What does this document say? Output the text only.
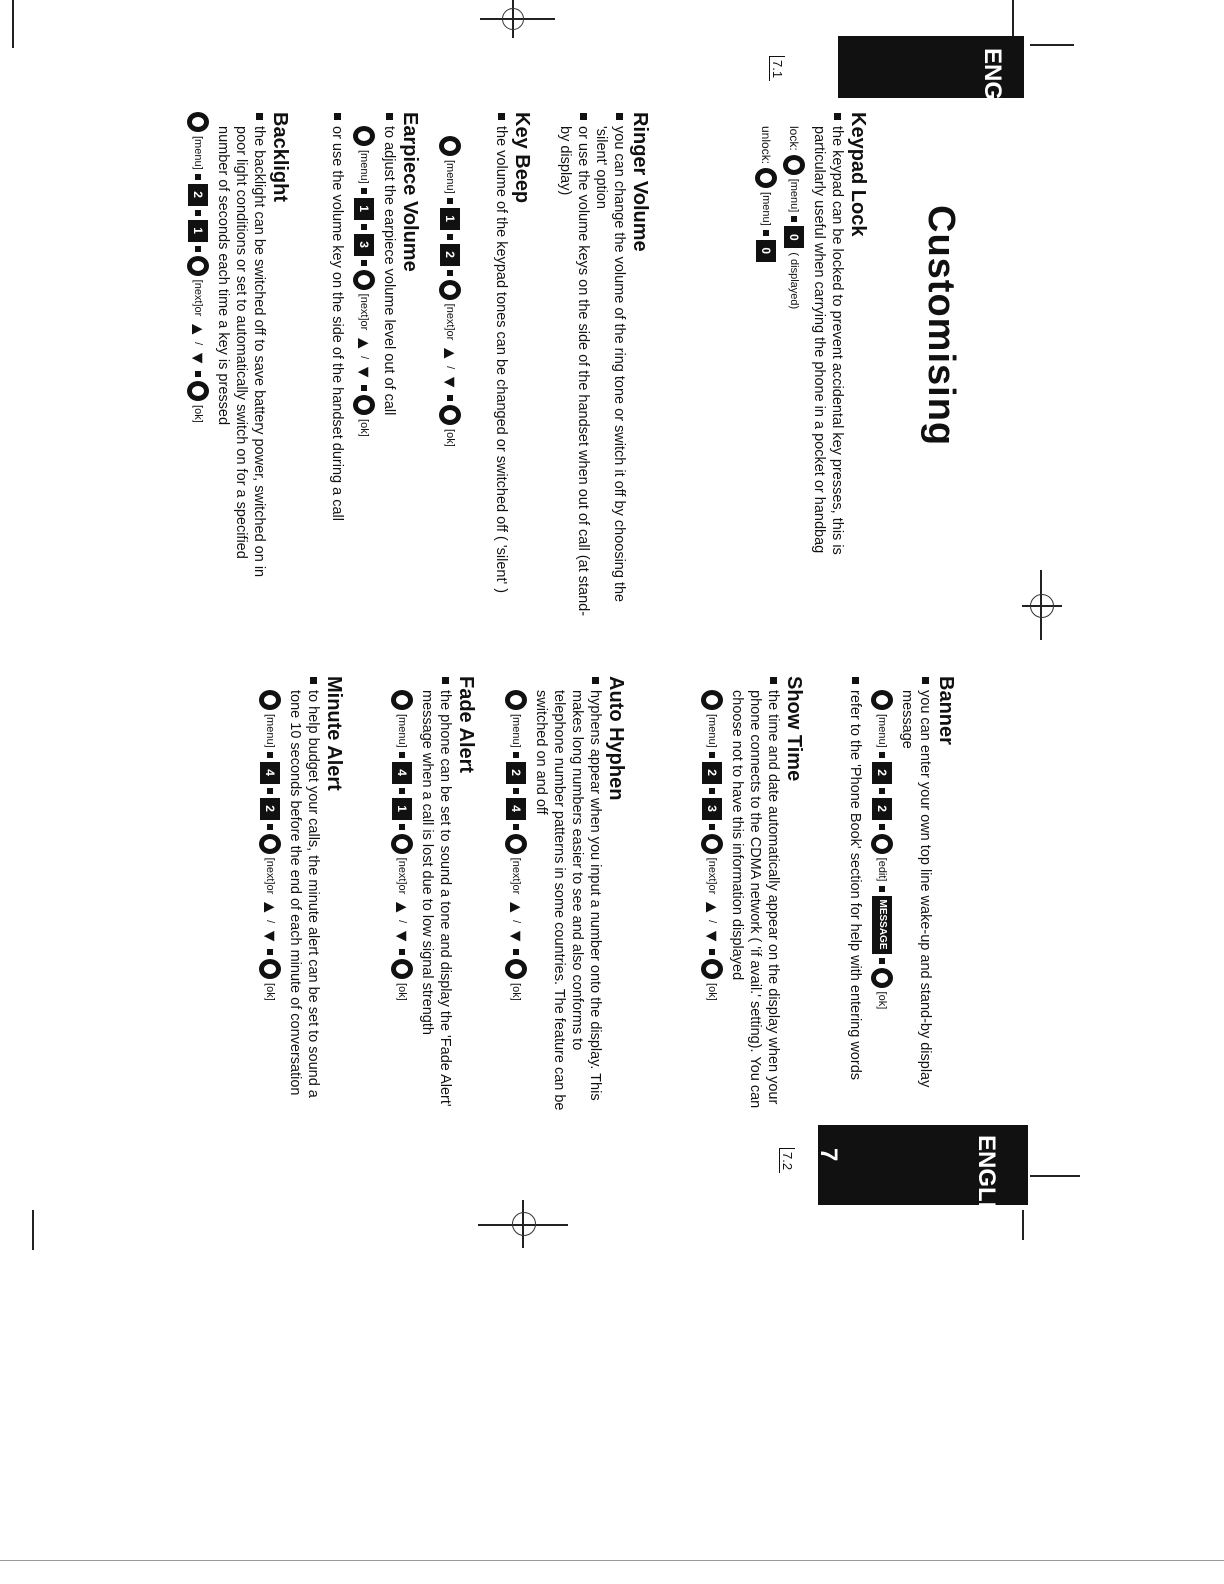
ENGLISH
7
7.1
ENGLISH
7
7.2
Customising

Keypad Lock

the keypad can be locked to prevent accidental key presses, this is particularly useful when carrying the phone in a pocket or handbag

lock:
[menu]
0
( displayed)
unlock:
[menu]
0

Ringer Volume

you can change the volume of the ring tone or switch it off by choosing the 'silent' option

or use the volume keys on the side of the handset when out of call (at stand-by display)

Key Beep

the volume of the keypad tones can be changed or switched off ( 'silent' )

[menu]
1
2
[next]or
▲
/
▼
[ok]

Earpiece Volume

to adjust the earpiece volume level out of call

[menu]
1
3
[next]or
▲
/
▼
[ok]

or use the volume key on the side of the handset during a call

Backlight

the backlight can be switched off to save battery power, switched on in poor light conditions or set to automatically switch on for a specified number of seconds each time a key is pressed

[menu]
2
1
[next]or
▲
/
▼
[ok]

Banner

you can enter your own top line wake-up and stand-by display message

[menu]
2
2
[edit]
MESSAGE
[ok]

refer to the 'Phone Book' section for help with entering words

Show Time

the time and date automatically appear on the display when your phone connects to the CDMA network ( 'if avail.' setting). You can choose not to have this information displayed

[menu]
2
3
[next]or
▲
/
▼
[ok]

Auto Hyphen

hyphens appear when you input a number onto the display. This makes long numbers easier to see and also conforms to telephone number patterns in some countries. The feature can be switched on and off

[menu]
2
4
[next]or
▲
/
▼
[ok]

Fade Alert

the phone can be set to sound a tone and display the 'Fade Alert' message when a call is lost due to low signal strength

[menu]
4
1
[next]or
▲
/
▼
[ok]

Minute Alert

to help budget your calls, the minute alert can be set to sound a tone 10 seconds before the end of each minute of conversation

[menu]
4
2
[next]or
▲
/
▼
[ok]
